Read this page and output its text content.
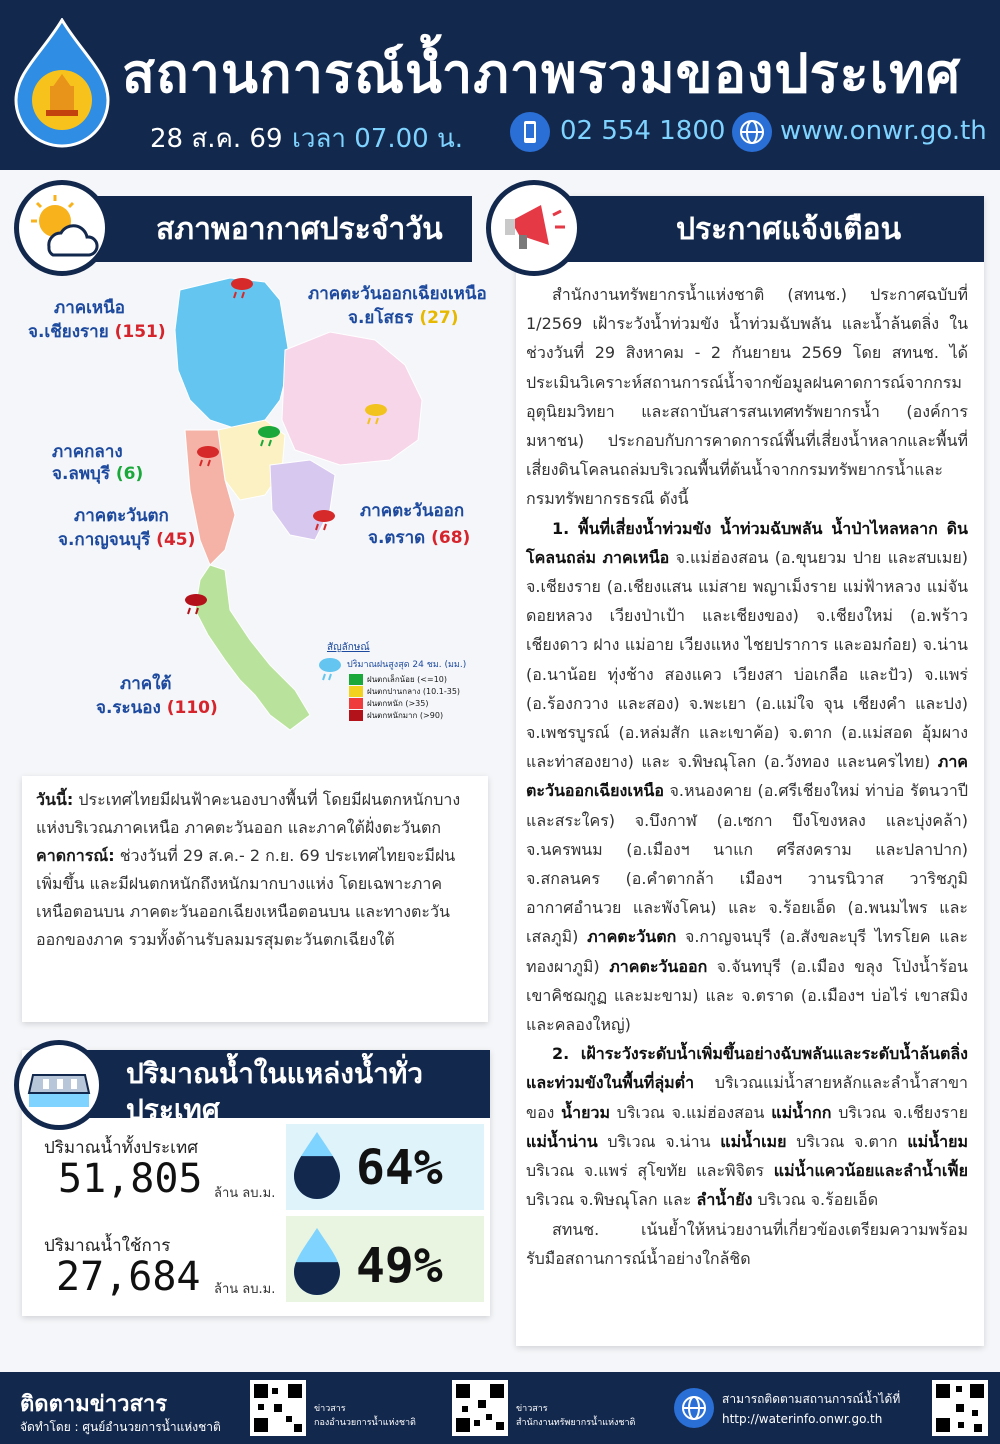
สถานการณ์น้ำภาพรวมของประเทศ
28 ส.ค. 69 เวลา 07.00 น.	02 554 1800 www.onwr.go.th
สภาพอากาศประจำวัน
ภาคเหนือ
จ.เชียงราย (151)
ภาคตะวันออกเฉียงเหนือ
จ.ยโสธร (27)
ภาคกลาง
จ.ลพบุรี (6)
ภาคตะวันตก
จ.กาญจนบุรี (45)
ภาคตะวันออก
จ.ตราด (68)
ภาคใต้
จ.ระนอง (110)
สัญลักษณ์
ปริมาณฝนสูงสุด 24 ชม. (มม.)
ฝนตกเล็กน้อย (<=10)
ฝนตกปานกลาง (10.1-35)
ฝนตกหนัก (>35)
ฝนตกหนักมาก (>90)
วันนี้: ประเทศไทยมีฝนฟ้าคะนองบางพื้นที่ โดยมีฝนตกหนักบางแห่งบริเวณภาคเหนือ ภาคตะวันออก และภาคใต้ฝั่งตะวันตก
คาดการณ์: ช่วงวันที่ 29 ส.ค.- 2 ก.ย. 69 ประเทศไทยจะมีฝนเพิ่มขึ้น และมีฝนตกหนักถึงหนักมากบางแห่ง โดยเฉพาะภาคเหนือตอนบน ภาคตะวันออกเฉียงเหนือตอนบน และทางตะวันออกของภาค รวมทั้งด้านรับลมมรสุมตะวันตกเฉียงใต้
ประกาศแจ้งเตือน
สำนักงานทรัพยากรน้ำแห่งชาติ (สทนช.) ประกาศฉบับที่ 1/2569 เฝ้าระวังน้ำท่วมขัง น้ำท่วมฉับพลัน และน้ำล้นตลิ่ง ในช่วงวันที่ 29 สิงหาคม - 2 กันยายน 2569 โดย สทนช. ได้ประเมินวิเคราะห์สถานการณ์น้ำจากข้อมูลฝนคาดการณ์จากกรมอุตุนิยมวิทยา และสถาบันสารสนเทศทรัพยากรน้ำ (องค์การมหาชน) ประกอบกับการคาดการณ์พื้นที่เสี่ยงน้ำหลากและพื้นที่เสี่ยงดินโคลนถล่มบริเวณพื้นที่ต้นน้ำจากกรมทรัพยากรน้ำและกรมทรัพยากรธรณี ดังนี้
1. พื้นที่เสี่ยงน้ำท่วมขัง น้ำท่วมฉับพลัน น้ำป่าไหลหลาก ดินโคลนถล่ม ภาคเหนือ จ.แม่ฮ่องสอน (อ.ขุนยวม ปาย และสบเมย) จ.เชียงราย (อ.เชียงแสน แม่สาย พญาเม็งราย แม่ฟ้าหลวง แม่จัน ดอยหลวง เวียงป่าเป้า และเชียงของ) จ.เชียงใหม่ (อ.พร้าว เชียงดาว ฝาง แม่อาย เวียงแหง ไชยปราการ และอมก๋อย) จ.น่าน (อ.นาน้อย ทุ่งช้าง สองแคว เวียงสา บ่อเกลือ และปัว) จ.แพร่ (อ.ร้องกวาง และสอง) จ.พะเยา (อ.แม่ใจ จุน เชียงคำ และปง) จ.เพชรบูรณ์ (อ.หล่มสัก และเขาค้อ) จ.ตาก (อ.แม่สอด อุ้มผาง และท่าสองยาง) และ จ.พิษณุโลก (อ.วังทอง และนครไทย) ภาคตะวันออกเฉียงเหนือ จ.หนองคาย (อ.ศรีเชียงใหม่ ท่าบ่อ รัตนวาปี และสระใคร) จ.บึงกาฬ (อ.เซกา บึงโขงหลง และบุ่งคล้า) จ.นครพนม (อ.เมืองฯ นาแก ศรีสงคราม และปลาปาก) จ.สกลนคร (อ.คำตากล้า เมืองฯ วานรนิวาส วาริชภูมิ อากาศอำนวย และพังโคน) และ จ.ร้อยเอ็ด (อ.พนมไพร และเสลภูมิ) ภาคตะวันตก จ.กาญจนบุรี (อ.สังขละบุรี ไทรโยค และทองผาภูมิ) ภาคตะวันออก จ.จันทบุรี (อ.เมือง ขลุง โป่งน้ำร้อน เขาคิชฌกูฏ และมะขาม) และ จ.ตราด (อ.เมืองฯ บ่อไร่ เขาสมิง และคลองใหญ่)
2. เฝ้าระวังระดับน้ำเพิ่มขึ้นอย่างฉับพลันและระดับน้ำล้นตลิ่งและท่วมขังในพื้นที่ลุ่มต่ำ บริเวณแม่น้ำสายหลักและลำน้ำสาขาของ น้ำยวม บริเวณ จ.แม่ฮ่องสอน แม่น้ำกก บริเวณ จ.เชียงราย แม่น้ำน่าน บริเวณ จ.น่าน แม่น้ำเมย บริเวณ จ.ตาก แม่น้ำยม บริเวณ จ.แพร่ สุโขทัย และพิจิตร แม่น้ำแควน้อยและลำน้ำเฟี้ย บริเวณ จ.พิษณุโลก และ ลำน้ำยัง บริเวณ จ.ร้อยเอ็ด
สทนช. เน้นย้ำให้หน่วยงานที่เกี่ยวข้องเตรียมความพร้อมรับมือสถานการณ์น้ำอย่างใกล้ชิด
ปริมาณน้ำในแหล่งน้ำทั่วประเทศ
ข้อมูล ณ 27 ส.ค. 69
ปริมาณน้ำทั้งประเทศ
51,805 ล้าน ลบ.ม. 64%
ปริมาณน้ำใช้การ
27,684 ล้าน ลบ.ม. 49%
ติดตามข่าวสาร
จัดทำโดย : ศูนย์อำนวยการน้ำแห่งชาติ
ข่าวสาร
กองอำนวยการน้ำแห่งชาติ
ข่าวสาร
สำนักงานทรัพยากรน้ำแห่งชาติ
สามารถติดตามสถานการณ์น้ำได้ที่
http://waterinfo.onwr.go.th
